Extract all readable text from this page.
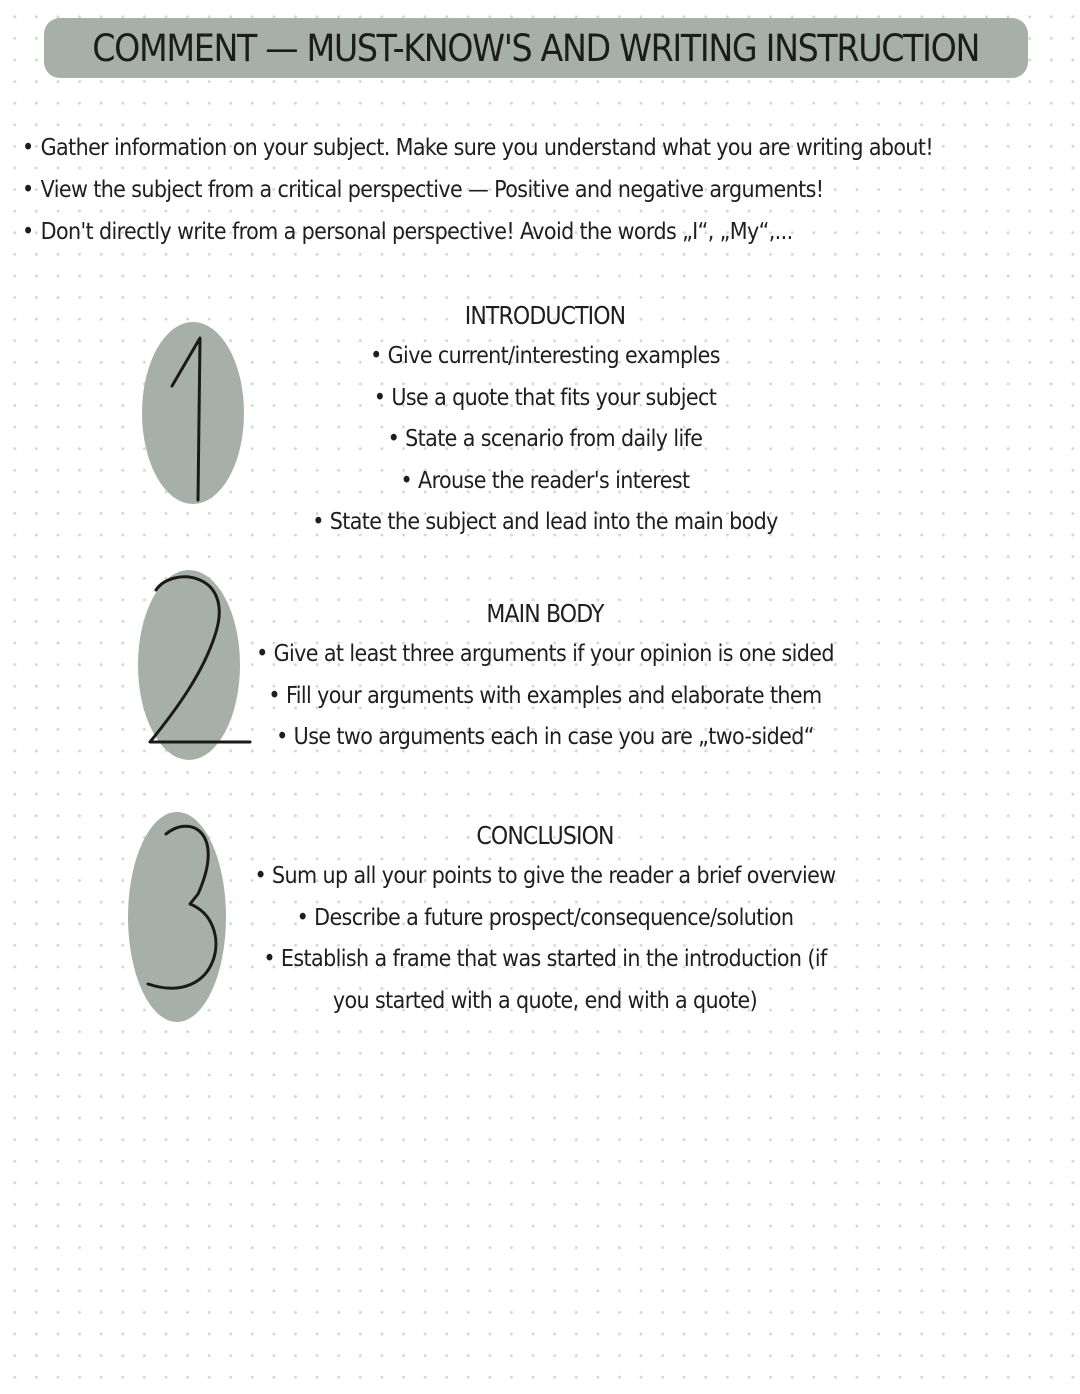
COMMENT — MUST-KNOW'S AND WRITING INSTRUCTION
• Gather information on your subject. Make sure you understand what you are writing about!
• View the subject from a critical perspective — Positive and negative arguments!
• Don't directly write from a personal perspective! Avoid the words „I“, „My“,...
INTRODUCTION
• Give current/interesting examples
• Use a quote that fits your subject
• State a scenario from daily life
• Arouse the reader's interest
• State the subject and lead into the main body
MAIN BODY
• Give at least three arguments if your opinion is one sided
• Fill your arguments with examples and elaborate them
• Use two arguments each in case you are „two-sided“
CONCLUSION
• Sum up all your points to give the reader a brief overview
• Describe a future prospect/consequence/solution
• Establish a frame that was started in the introduction (if
you started with a quote, end with a quote)
